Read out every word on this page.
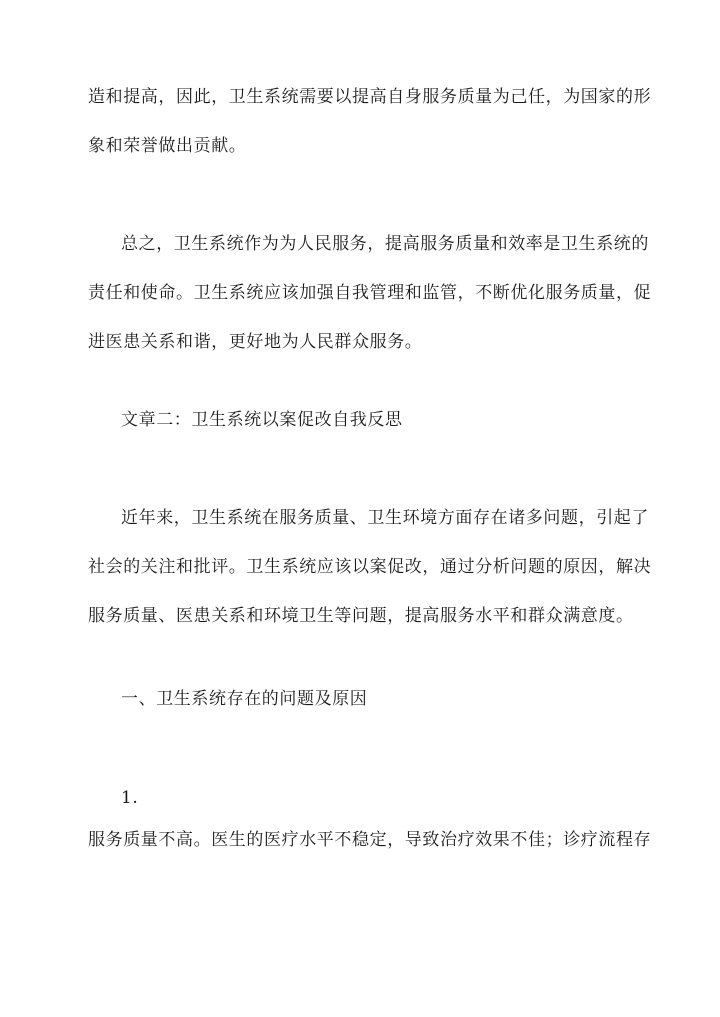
造和提高，因此，卫生系统需要以提高自身服务质量为己任，为国家的形
象和荣誉做出贡献。

总之，卫生系统作为为人民服务，提高服务质量和效率是卫生系统的
责任和使命。卫生系统应该加强自我管理和监管，不断优化服务质量，促
进医患关系和谐，更好地为人民群众服务。

文章二：卫生系统以案促改自我反思

近年来，卫生系统在服务质量、卫生环境方面存在诸多问题，引起了
社会的关注和批评。卫生系统应该以案促改，通过分析问题的原因，解决
服务质量、医患关系和环境卫生等问题，提高服务水平和群众满意度。

一、卫生系统存在的问题及原因

1.

服务质量不高。医生的医疗水平不稳定，导致治疗效果不佳；诊疗流程存
